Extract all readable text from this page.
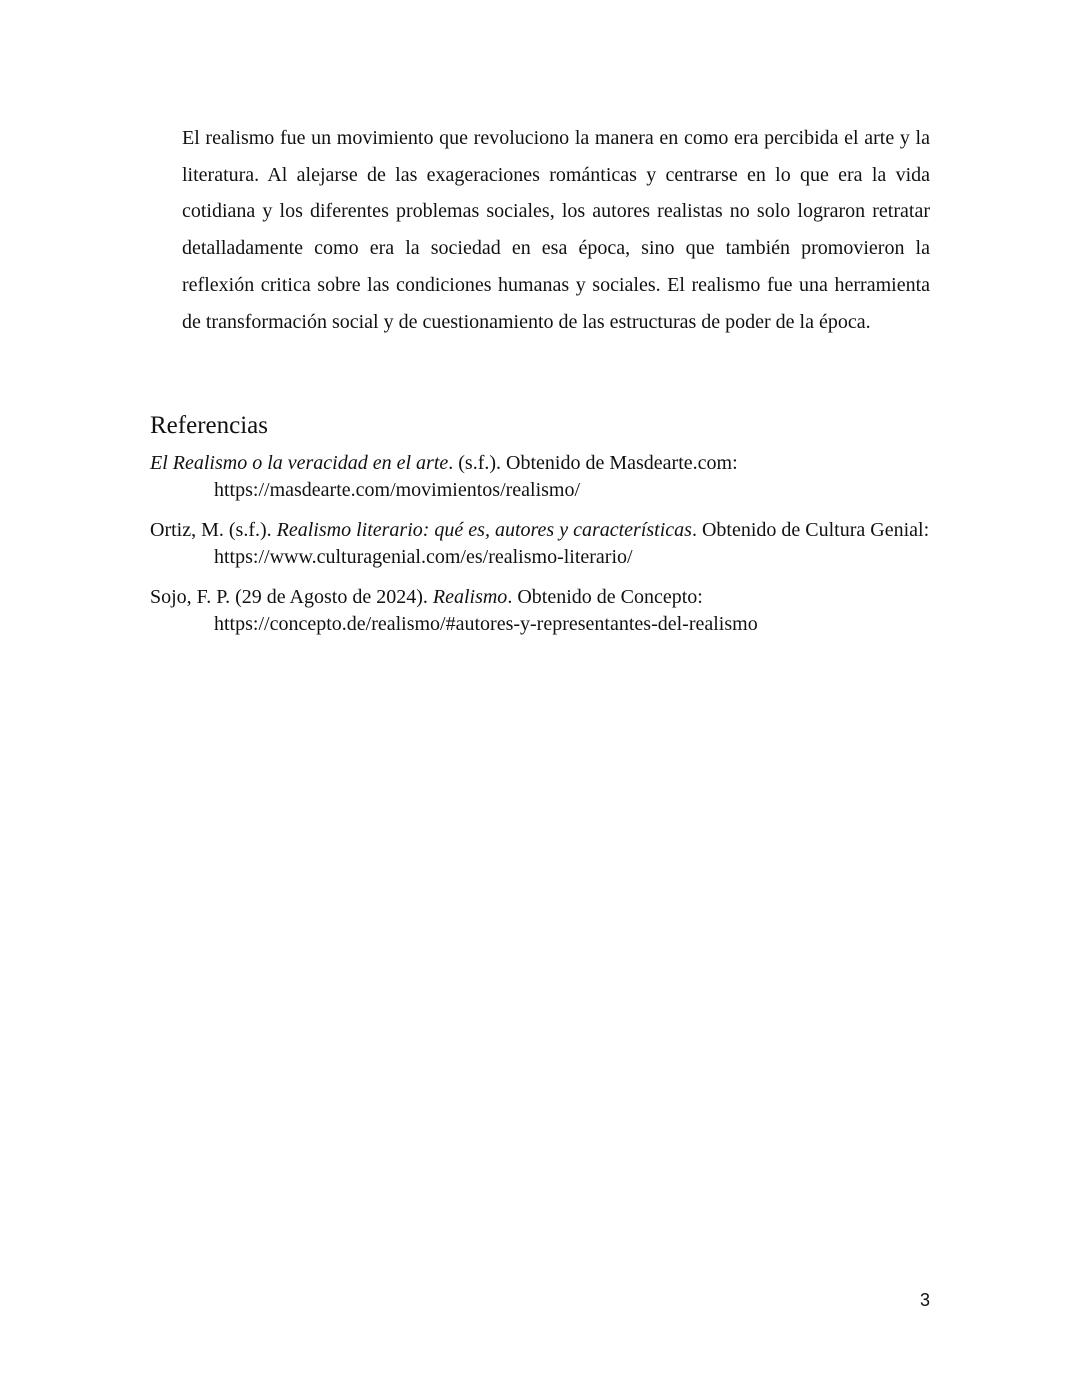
El realismo fue un movimiento que revoluciono la manera en como era percibida el arte y la literatura. Al alejarse de las exageraciones románticas y centrarse en lo que era la vida cotidiana y los diferentes problemas sociales, los autores realistas no solo lograron retratar detalladamente como era la sociedad en esa época, sino que también promovieron la reflexión critica sobre las condiciones humanas y sociales. El realismo fue una herramienta de transformación social y de cuestionamiento de las estructuras de poder de la época.

Referencias
El Realismo o la veracidad en el arte. (s.f.). Obtenido de Masdearte.com: https://masdearte.com/movimientos/realismo/
Ortiz, M. (s.f.). Realismo literario: qué es, autores y características. Obtenido de Cultura Genial: https://www.culturagenial.com/es/realismo-literario/
Sojo, F. P. (29 de Agosto de 2024). Realismo. Obtenido de Concepto: https://concepto.de/realismo/#autores-y-representantes-del-realismo
3
